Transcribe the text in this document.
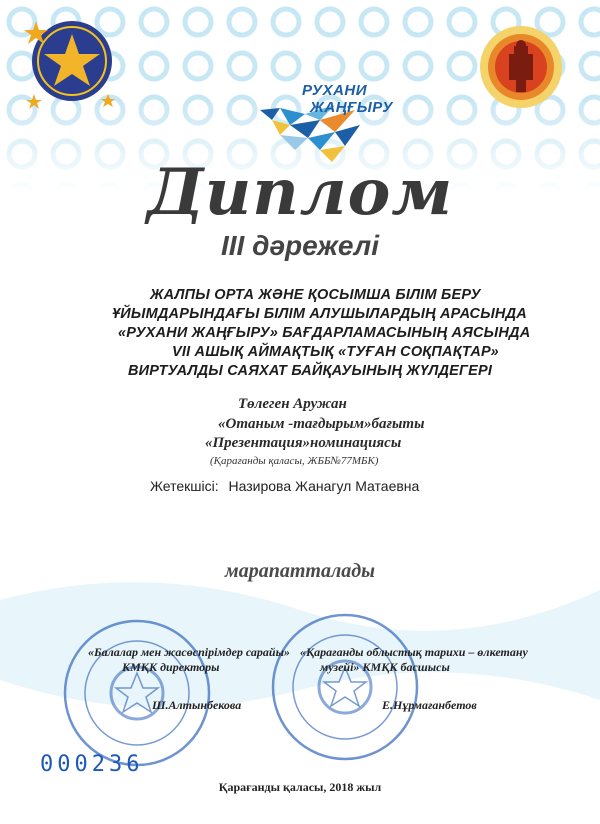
РУХАНИ
ЖАҢҒЫРУ
Диплом
III дәрежелі
ЖАЛПЫ ОРТА ЖӘНЕ ҚОСЫМША БІЛІМ БЕРУ
ҰЙЫМДАРЫНДАҒЫ БІЛІМ АЛУШЫЛАРДЫҢ АРАСЫНДА
«РУХАНИ ЖАҢҒЫРУ» БАҒДАРЛАМАСЫНЫҢ АЯСЫНДА
VII АШЫҚ АЙМАҚТЫҚ «ТУҒАН СОҚПАҚТАР»
ВИРТУАЛДЫ САЯХАТ БАЙҚАУЫНЫҢ ЖҮЛДЕГЕРІ
Төлеген Аружан
«Отаным -тағдырым»бағыты
«Презентация»номинациясы
(Қарағанды қаласы, ЖББ№77МБК)
Жетекшісі: Назирова Жанагул Матаевна
марапатталады
«Балалар мен жасөспірімдер сарайы»
КМҚК директоры
Ш.Алтынбекова
«Қарағанды облыстық тарихи – өлкетану
музейі» КМҚК басшысы
Е.Нұрмағанбетов
000236
Қарағанды қаласы, 2018 жыл
